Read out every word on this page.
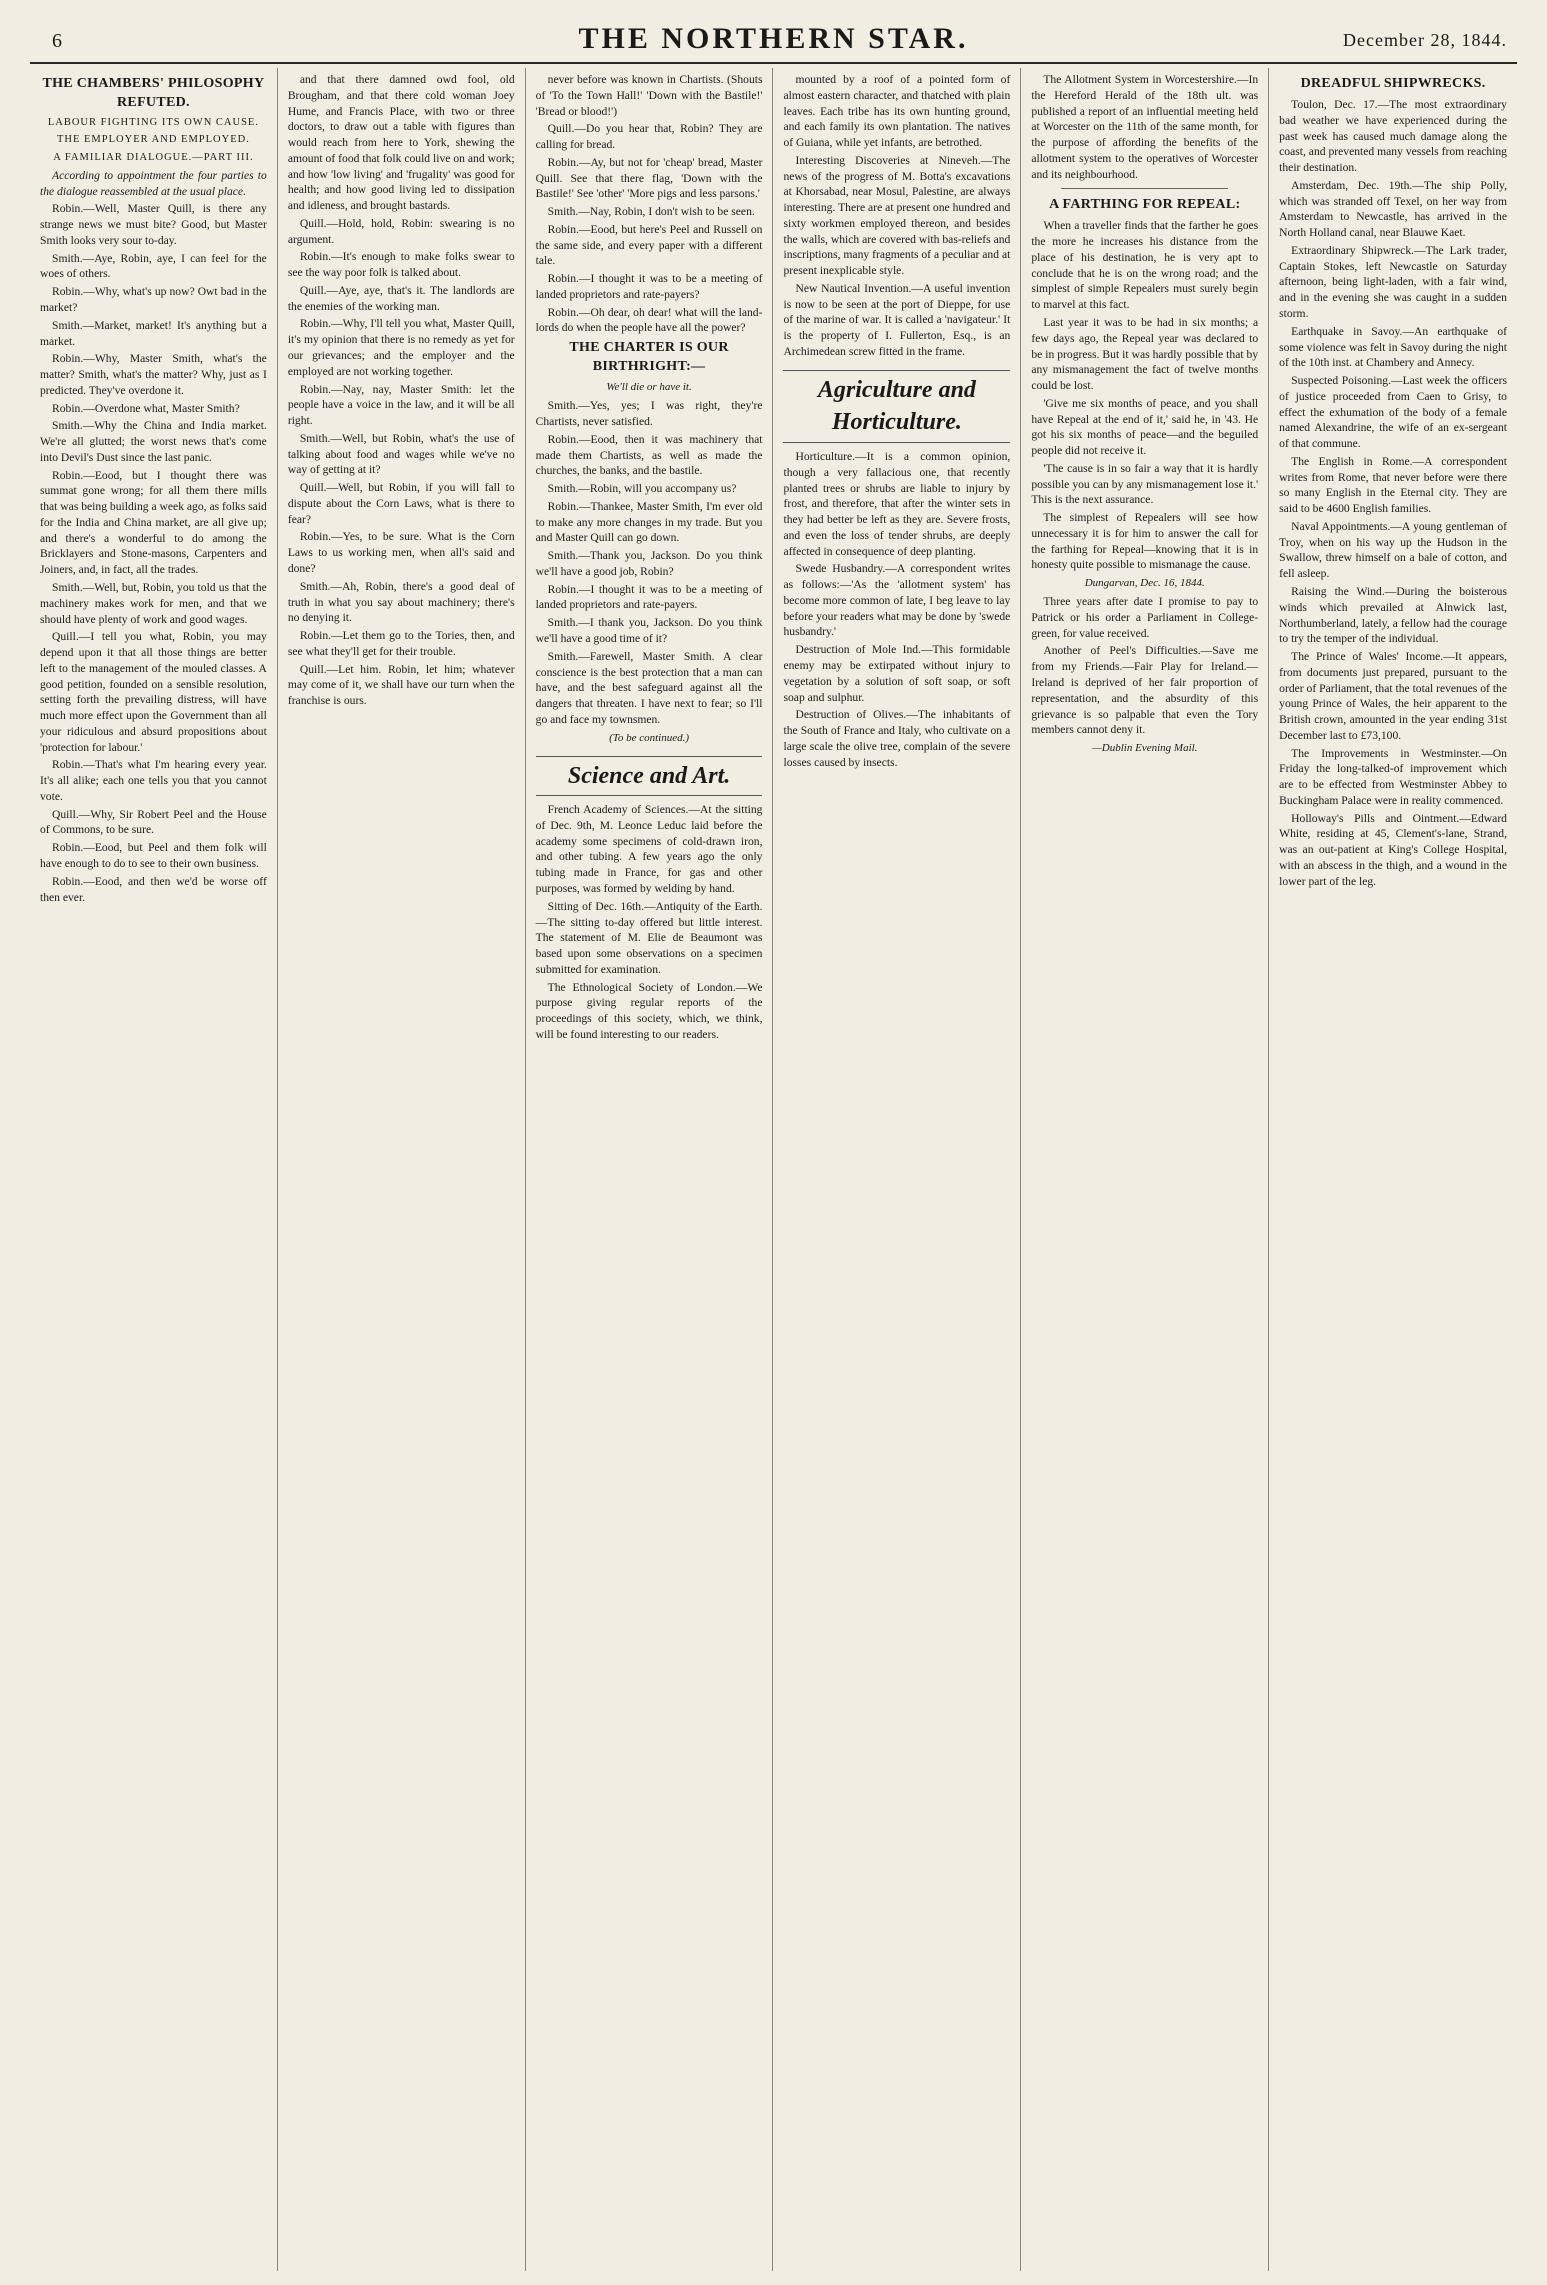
6	THE NORTHERN STAR.	December 28, 1844.
THE CHAMBERS' PHILOSOPHY REFUTED.
LABOUR FIGHTING ITS OWN CAUSE.
THE EMPLOYER AND EMPLOYED.
A FAMILIAR DIALOGUE.—PART III.

According to appointment the four parties to the dialogue reassembled at the usual place.

Robin.—Well, Master Quill, is there any strange news we must bite? Good, but Master Smith looks very sour to-day.

Smith.—Aye, Robin, aye, I can feel for the woes of others.

Robin.—Why, what's up now? Owt bad in the market?

Smith.—Market, market! It's anything but a market.

Robin.—Why, Master Smith, what's the matter? Smith, what's the matter? Why, just as I predicted. They've overdone it.

Robin.—Overdone what, Master Smith?

Smith.—Why the China and India market. We're all glutted; the worst news that's come into Devil's Dust since the last panic.

Robin.—Eood, but I thought there was summat gone wrong; for all them there mills that was being building a week ago, as folks said for the India and China market, are all give up; and there's a wonderful to do among the Bricklayers and Stone-masons, Carpenters and Joiners, and, in fact, all the trades.

Smith.—Well, but, Robin, you told us that the machinery makes work for men, and that we should have plenty of work and good wages.

Quill.—I tell you what, Robin, you may depend upon it that all those things are better left to the management of the mouled classes. A good petition, founded on a sensible resolution, setting forth the prevailing distress, will have much more effect upon the Government than all your ridiculous and absurd propositions about 'protection for labour.'

Robin.—That's what I'm hearing every year. It's all alike; each one tells you that you cannot vote.

Quill.—Why, Sir Robert Peel and the House of Commons, to be sure.

Robin.—Eood, but Peel and them folk will have enough to do to see to their own business.

Robin.—Eood, and then we'd be worse off then ever.

and that there damned owd fool, old Brougham, and that there cold woman Joey Hume, and Francis Place, with two or three doctors, to draw out a table with figures than would reach from here to York, shewing the amount of food that folk could live on and work; and how 'low living' and 'frugality' was good for health; and how good living led to dissipation and idleness, and brought bastards.

Quill.—Hold, hold, Robin: swearing is no argument.

Robin.—It's enough to make folks swear to see the way poor folk is talked about.

Quill.—Aye, aye, that's it. The landlords are the enemies of the working man.

Robin.—Why, I'll tell you what, Master Quill, it's my opinion that there is no remedy as yet for our grievances; and the employer and the employed are not working together.

Robin.—Nay, nay, Master Smith: let the people have a voice in the law, and it will be all right.

Smith.—Well, but Robin, what's the use of talking about food and wages while we've no way of getting at it?

Quill.—Well, but Robin, if you will fall to dispute about the Corn Laws, what is there to fear?

Robin.—Yes, to be sure. What is the Corn Laws to us working men, when all's said and done?

Smith.—Ah, Robin, there's a good deal of truth in what you say about machinery; there's no denying it.

Robin.—Let them go to the Tories, then, and see what they'll get for their trouble.

Quill.—Let him. Robin, let him; whatever may come of it, we shall have our turn when the franchise is ours.

never before was known in Chartists. (Shouts of 'To the Town Hall!' 'Down with the Bastile!' 'Bread or blood!')

Quill.—Do you hear that, Robin? They are calling for bread.

Robin.—Ay, but not for 'cheap' bread, Master Quill. See that there flag, 'Down with the Bastile!' See 'other' 'More pigs and less parsons.'

Smith.—Nay, Robin, I don't wish to be seen.

Robin.—Eood, but here's Peel and Russell on the same side, and every paper with a different tale.

Robin.—I thought it was to be a meeting of landed proprietors and rate-payers?

Robin.—Oh dear, oh dear! what will the land-lords do when the people have all the power?

THE CHARTER IS OUR BIRTHRIGHT:—
We'll die or have it.

Smith.—Yes, yes; I was right, they're Chartists, never satisfied.

Robin.—Eood, then it was machinery that made them Chartists, as well as made the churches, the banks, and the bastile.

Smith.—Robin, will you accompany us?

Robin.—Thankee, Master Smith, I'm ever old to make any more changes in my trade. But you and Master Quill can go down.

Smith.—Thank you, Jackson. Do you think we'll have a good job, Robin?

Robin.—I thought it was to be a meeting of landed proprietors and rate-payers.

Smith.—I thank you, Jackson. Do you think we'll have a good time of it?

Smith.—Farewell, Master Smith. A clear conscience is the best protection that a man can have, and the best safeguard against all the dangers that threaten. I have next to fear; so I'll go and face my townsmen.

(To be continued.)
Science and Art.

French Academy of Sciences.—At the sitting of Dec. 9th, M. Leonce Leduc laid before the academy some specimens of cold-drawn iron, and other tubing. A few years ago the only tubing made in France, for gas and other purposes, was formed by welding by hand.

Sitting of Dec. 16th.—Antiquity of the Earth.—The sitting to-day offered but little interest. The statement of M. Elie de Beaumont was based upon some observations on a specimen submitted for examination.

The Ethnological Society of London.—We purpose giving regular reports of the proceedings of this society, which, we think, will be found interesting to our readers.

mounted by a roof of a pointed form of almost eastern character, and thatched with plain leaves. Each tribe has its own hunting ground, and each family its own plantation. The natives of Guiana, while yet infants, are betrothed.

Interesting Discoveries at Nineveh.—The news of the progress of M. Botta's excavations at Khorsabad, near Mosul, Palestine, are always interesting. There are at present one hundred and sixty workmen employed thereon, and besides the walls, which are covered with bas-reliefs and inscriptions, many fragments of a peculiar and at present inexplicable style.

New Nautical Invention.—A useful invention is now to be seen at the port of Dieppe, for use of the marine of war. It is called a 'navigateur.' It is the property of I. Fullerton, Esq., is an Archimedean screw fitted in the frame.

Agriculture and Horticulture.

Horticulture.—It is a common opinion, though a very fallacious one, that recently planted trees or shrubs are liable to injury by frost, and therefore, that after the winter sets in they had better be left as they are. Severe frosts, and even the loss of tender shrubs, are deeply affected in consequence of deep planting.

Swede Husbandry.—A correspondent writes as follows:—'As the 'allotment system' has become more common of late, I beg leave to lay before your readers what may be done by 'swede husbandry.'

Destruction of Mole Ind.—This formidable enemy may be extirpated without injury to vegetation by a solution of soft soap, or soft soap and sulphur.

Destruction of Olives.—The inhabitants of the South of France and Italy, who cultivate on a large scale the olive tree, complain of the severe losses caused by insects.

The Allotment System in Worcestershire.—In the Hereford Herald of the 18th ult. was published a report of an influential meeting held at Worcester on the 11th of the same month, for the purpose of affording the benefits of the allotment system to the operatives of Worcester and its neighbourhood.

A FARTHING FOR REPEAL:

When a traveller finds that the farther he goes the more he increases his distance from the place of his destination, he is very apt to conclude that he is on the wrong road; and the simplest of simple Repealers must surely begin to marvel at this fact.

Last year it was to be had in six months; a few days ago, the Repeal year was declared to be in progress. But it was hardly possible that by any mismanagement the fact of twelve months could be lost.

'Give me six months of peace, and you shall have Repeal at the end of it,' said he, in '43. He got his six months of peace—and the beguiled people did not receive it.

'The cause is in so fair a way that it is hardly possible you can by any mismanagement lose it.' This is the next assurance.

The simplest of Repealers will see how unnecessary it is for him to answer the call for the farthing for Repeal—knowing that it is in honesty quite possible to mismanage the cause.

Dungarvan, Dec. 16, 1844.

Three years after date I promise to pay to Patrick or his order a Parliament in College-green, for value received.

Another of Peel's Difficulties.—Save me from my Friends.—Fair Play for Ireland.—Ireland is deprived of her fair proportion of representation, and the absurdity of this grievance is so palpable that even the Tory members cannot deny it.

—Dublin Evening Mail.
DREADFUL SHIPWRECKS.

Toulon, Dec. 17.—The most extraordinary bad weather we have experienced during the past week has caused much damage along the coast, and prevented many vessels from reaching their destination.

Amsterdam, Dec. 19th.—The ship Polly, which was stranded off Texel, on her way from Amsterdam to Newcastle, has arrived in the North Holland canal, near Blauwe Kaet.

Extraordinary Shipwreck.—The Lark trader, Captain Stokes, left Newcastle on Saturday afternoon, being light-laden, with a fair wind, and in the evening she was caught in a sudden storm.

Earthquake in Savoy.—An earthquake of some violence was felt in Savoy during the night of the 10th inst. at Chambery and Annecy.

Suspected Poisoning.—Last week the officers of justice proceeded from Caen to Grisy, to effect the exhumation of the body of a female named Alexandrine, the wife of an ex-sergeant of that commune.

The English in Rome.—A correspondent writes from Rome, that never before were there so many English in the Eternal city. They are said to be 4600 English families.

Naval Appointments.—A young gentleman of Troy, when on his way up the Hudson in the Swallow, threw himself on a bale of cotton, and fell asleep.

Raising the Wind.—During the boisterous winds which prevailed at Alnwick last, Northumberland, lately, a fellow had the courage to try the temper of the individual.

The Prince of Wales' Income.—It appears, from documents just prepared, pursuant to the order of Parliament, that the total revenues of the young Prince of Wales, the heir apparent to the British crown, amounted in the year ending 31st December last to £73,100.

The Improvements in Westminster.—On Friday the long-talked-of improvement which are to be effected from Westminster Abbey to Buckingham Palace were in reality commenced.

Holloway's Pills and Ointment.—Edward White, residing at 45, Clement's-lane, Strand, was an out-patient at King's College Hospital, with an abscess in the thigh, and a wound in the lower part of the leg.
